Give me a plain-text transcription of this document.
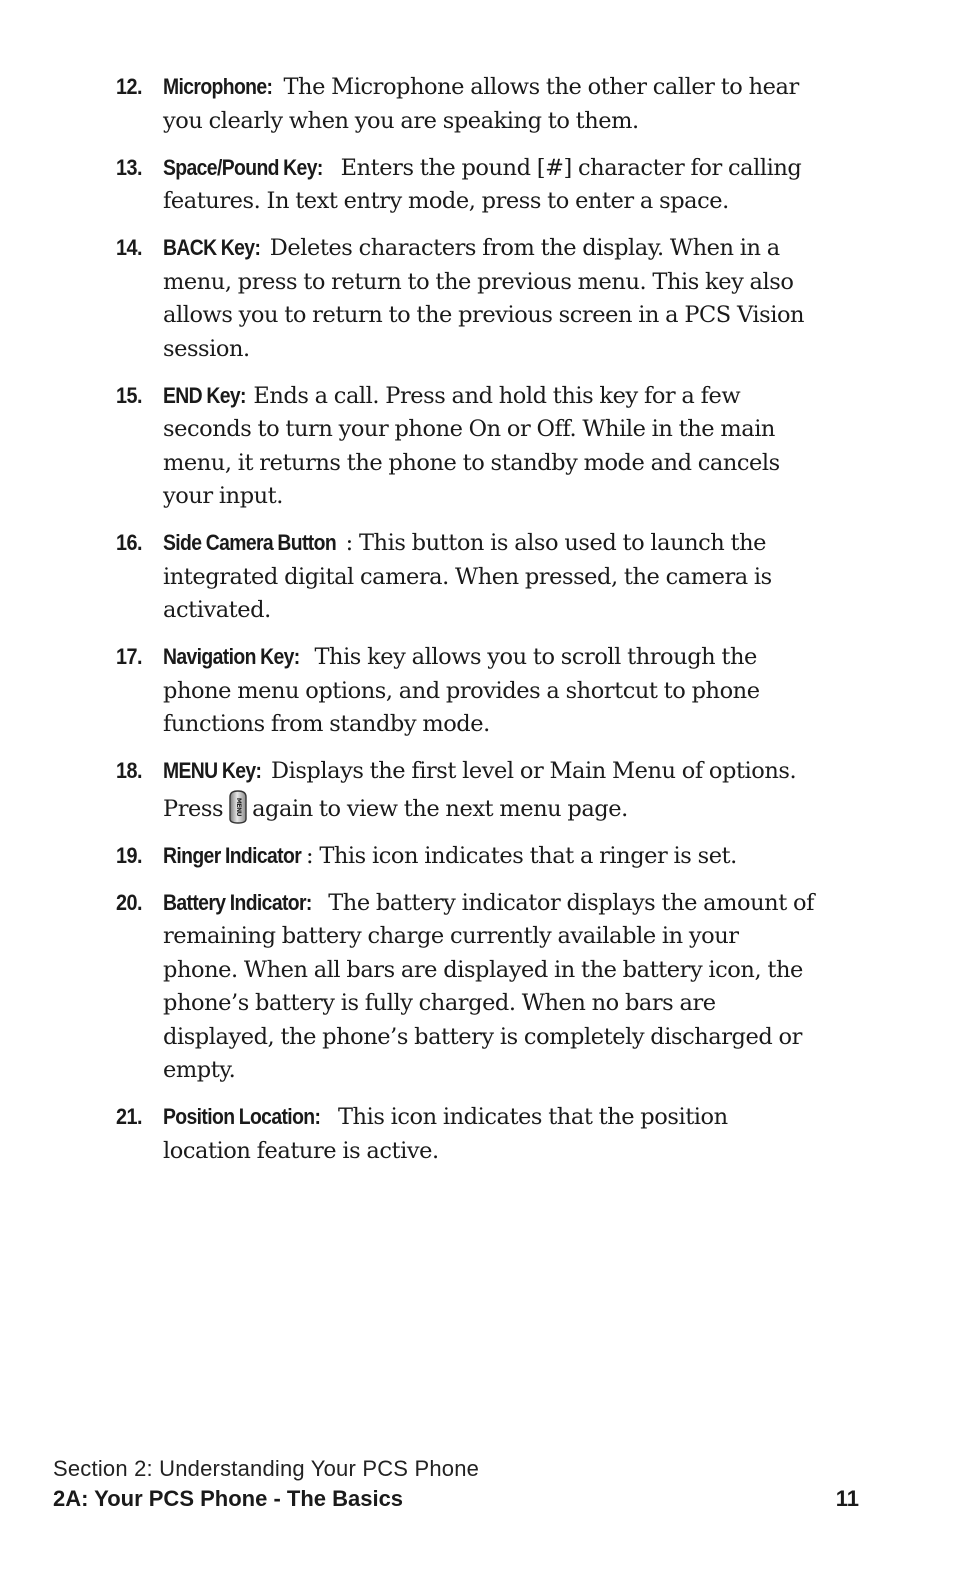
12. Microphone: The Microphone allows the other caller to hear you clearly when you are speaking to them.
13. Space/Pound Key: Enters the pound [#] character for calling features. In text entry mode, press to enter a space.
14. BACK Key: Deletes characters from the display. When in a menu, press to return to the previous menu. This key also allows you to return to the previous screen in a PCS Vision session.
15. END Key: Ends a call. Press and hold this key for a few seconds to turn your phone On or Off. While in the main menu, it returns the phone to standby mode and cancels your input.
16. Side Camera Button : This button is also used to launch the integrated digital camera. When pressed, the camera is activated.
17. Navigation Key: This key allows you to scroll through the phone menu options, and provides a shortcut to phone functions from standby mode.
18. MENU Key: Displays the first level or Main Menu of options.
Press MENU again to view the next menu page.
19. Ringer Indicator : This icon indicates that a ringer is set.
20. Battery Indicator: The battery indicator displays the amount of remaining battery charge currently available in your phone. When all bars are displayed in the battery icon, the phone’s battery is fully charged. When no bars are displayed, the phone’s battery is completely discharged or empty.
21. Position Location: This icon indicates that the position location feature is active.
Section 2: Understanding Your PCS Phone
2A: Your PCS Phone - The Basics	11
